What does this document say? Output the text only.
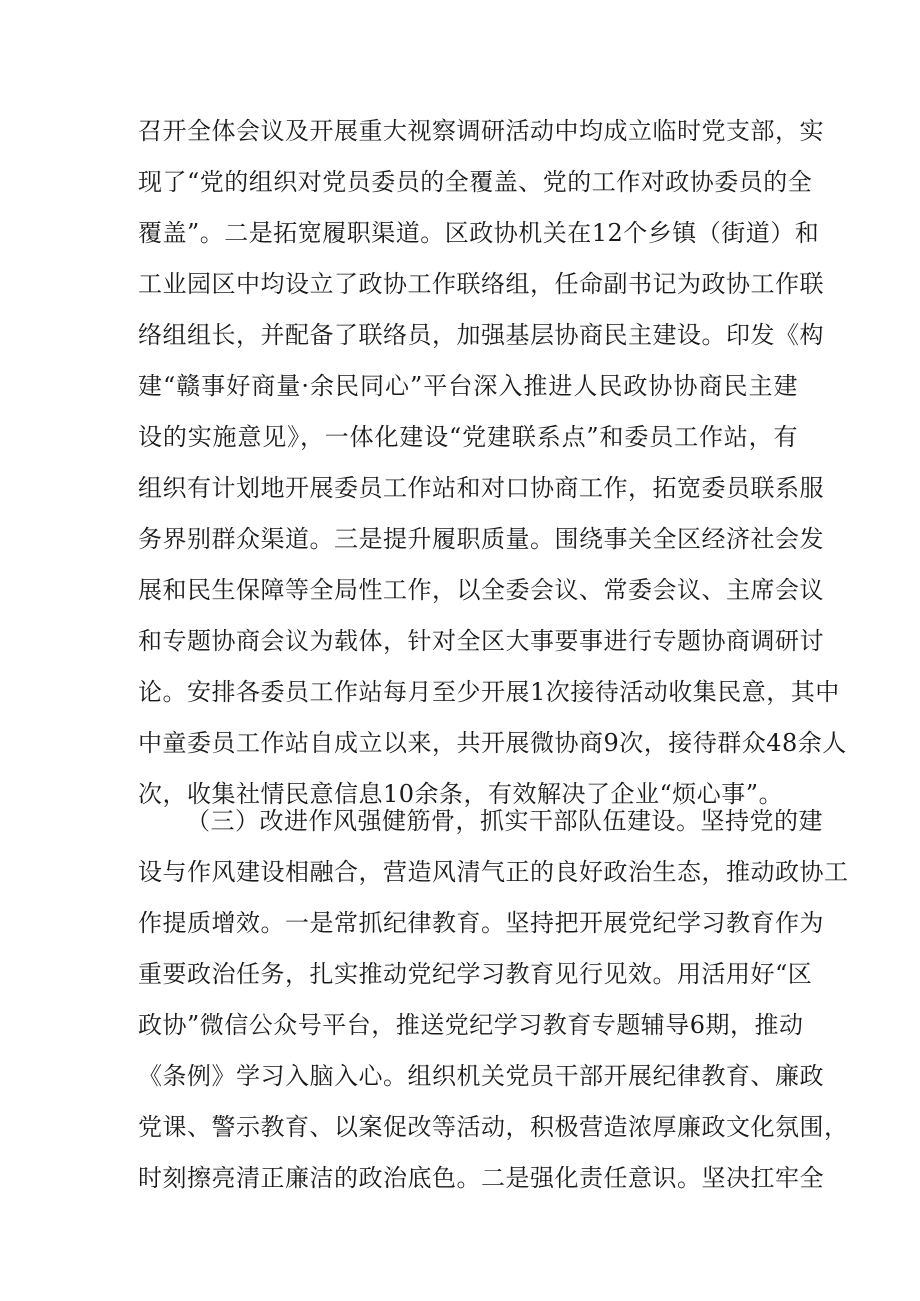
召开全体会议及开展重大视察调研活动中均成立临时党支部，实
现了“党的组织对党员委员的全覆盖、党的工作对政协委员的全
覆盖”。二是拓宽履职渠道。区政协机关在12个乡镇（街道）和
工业园区中均设立了政协工作联络组，任命副书记为政协工作联
络组组长，并配备了联络员，加强基层协商民主建设。印发《构
建“赣事好商量·余民同心”平台深入推进人民政协协商民主建
设的实施意见》，一体化建设“党建联系点”和委员工作站，有
组织有计划地开展委员工作站和对口协商工作，拓宽委员联系服
务界别群众渠道。三是提升履职质量。围绕事关全区经济社会发
展和民生保障等全局性工作，以全委会议、常委会议、主席会议
和专题协商会议为载体，针对全区大事要事进行专题协商调研讨
论。安排各委员工作站每月至少开展1次接待活动收集民意，其中
中童委员工作站自成立以来，共开展微协商9次，接待群众48余人
次，收集社情民意信息10余条，有效解决了企业“烦心事”。
（三）改进作风强健筋骨，抓实干部队伍建设。坚持党的建
设与作风建设相融合，营造风清气正的良好政治生态，推动政协工
作提质增效。一是常抓纪律教育。坚持把开展党纪学习教育作为
重要政治任务，扎实推动党纪学习教育见行见效。用活用好“区
政协”微信公众号平台，推送党纪学习教育专题辅导6期，推动
《条例》学习入脑入心。组织机关党员干部开展纪律教育、廉政
党课、警示教育、以案促改等活动，积极营造浓厚廉政文化氛围，
时刻擦亮清正廉洁的政治底色。二是强化责任意识。坚决扛牢全
